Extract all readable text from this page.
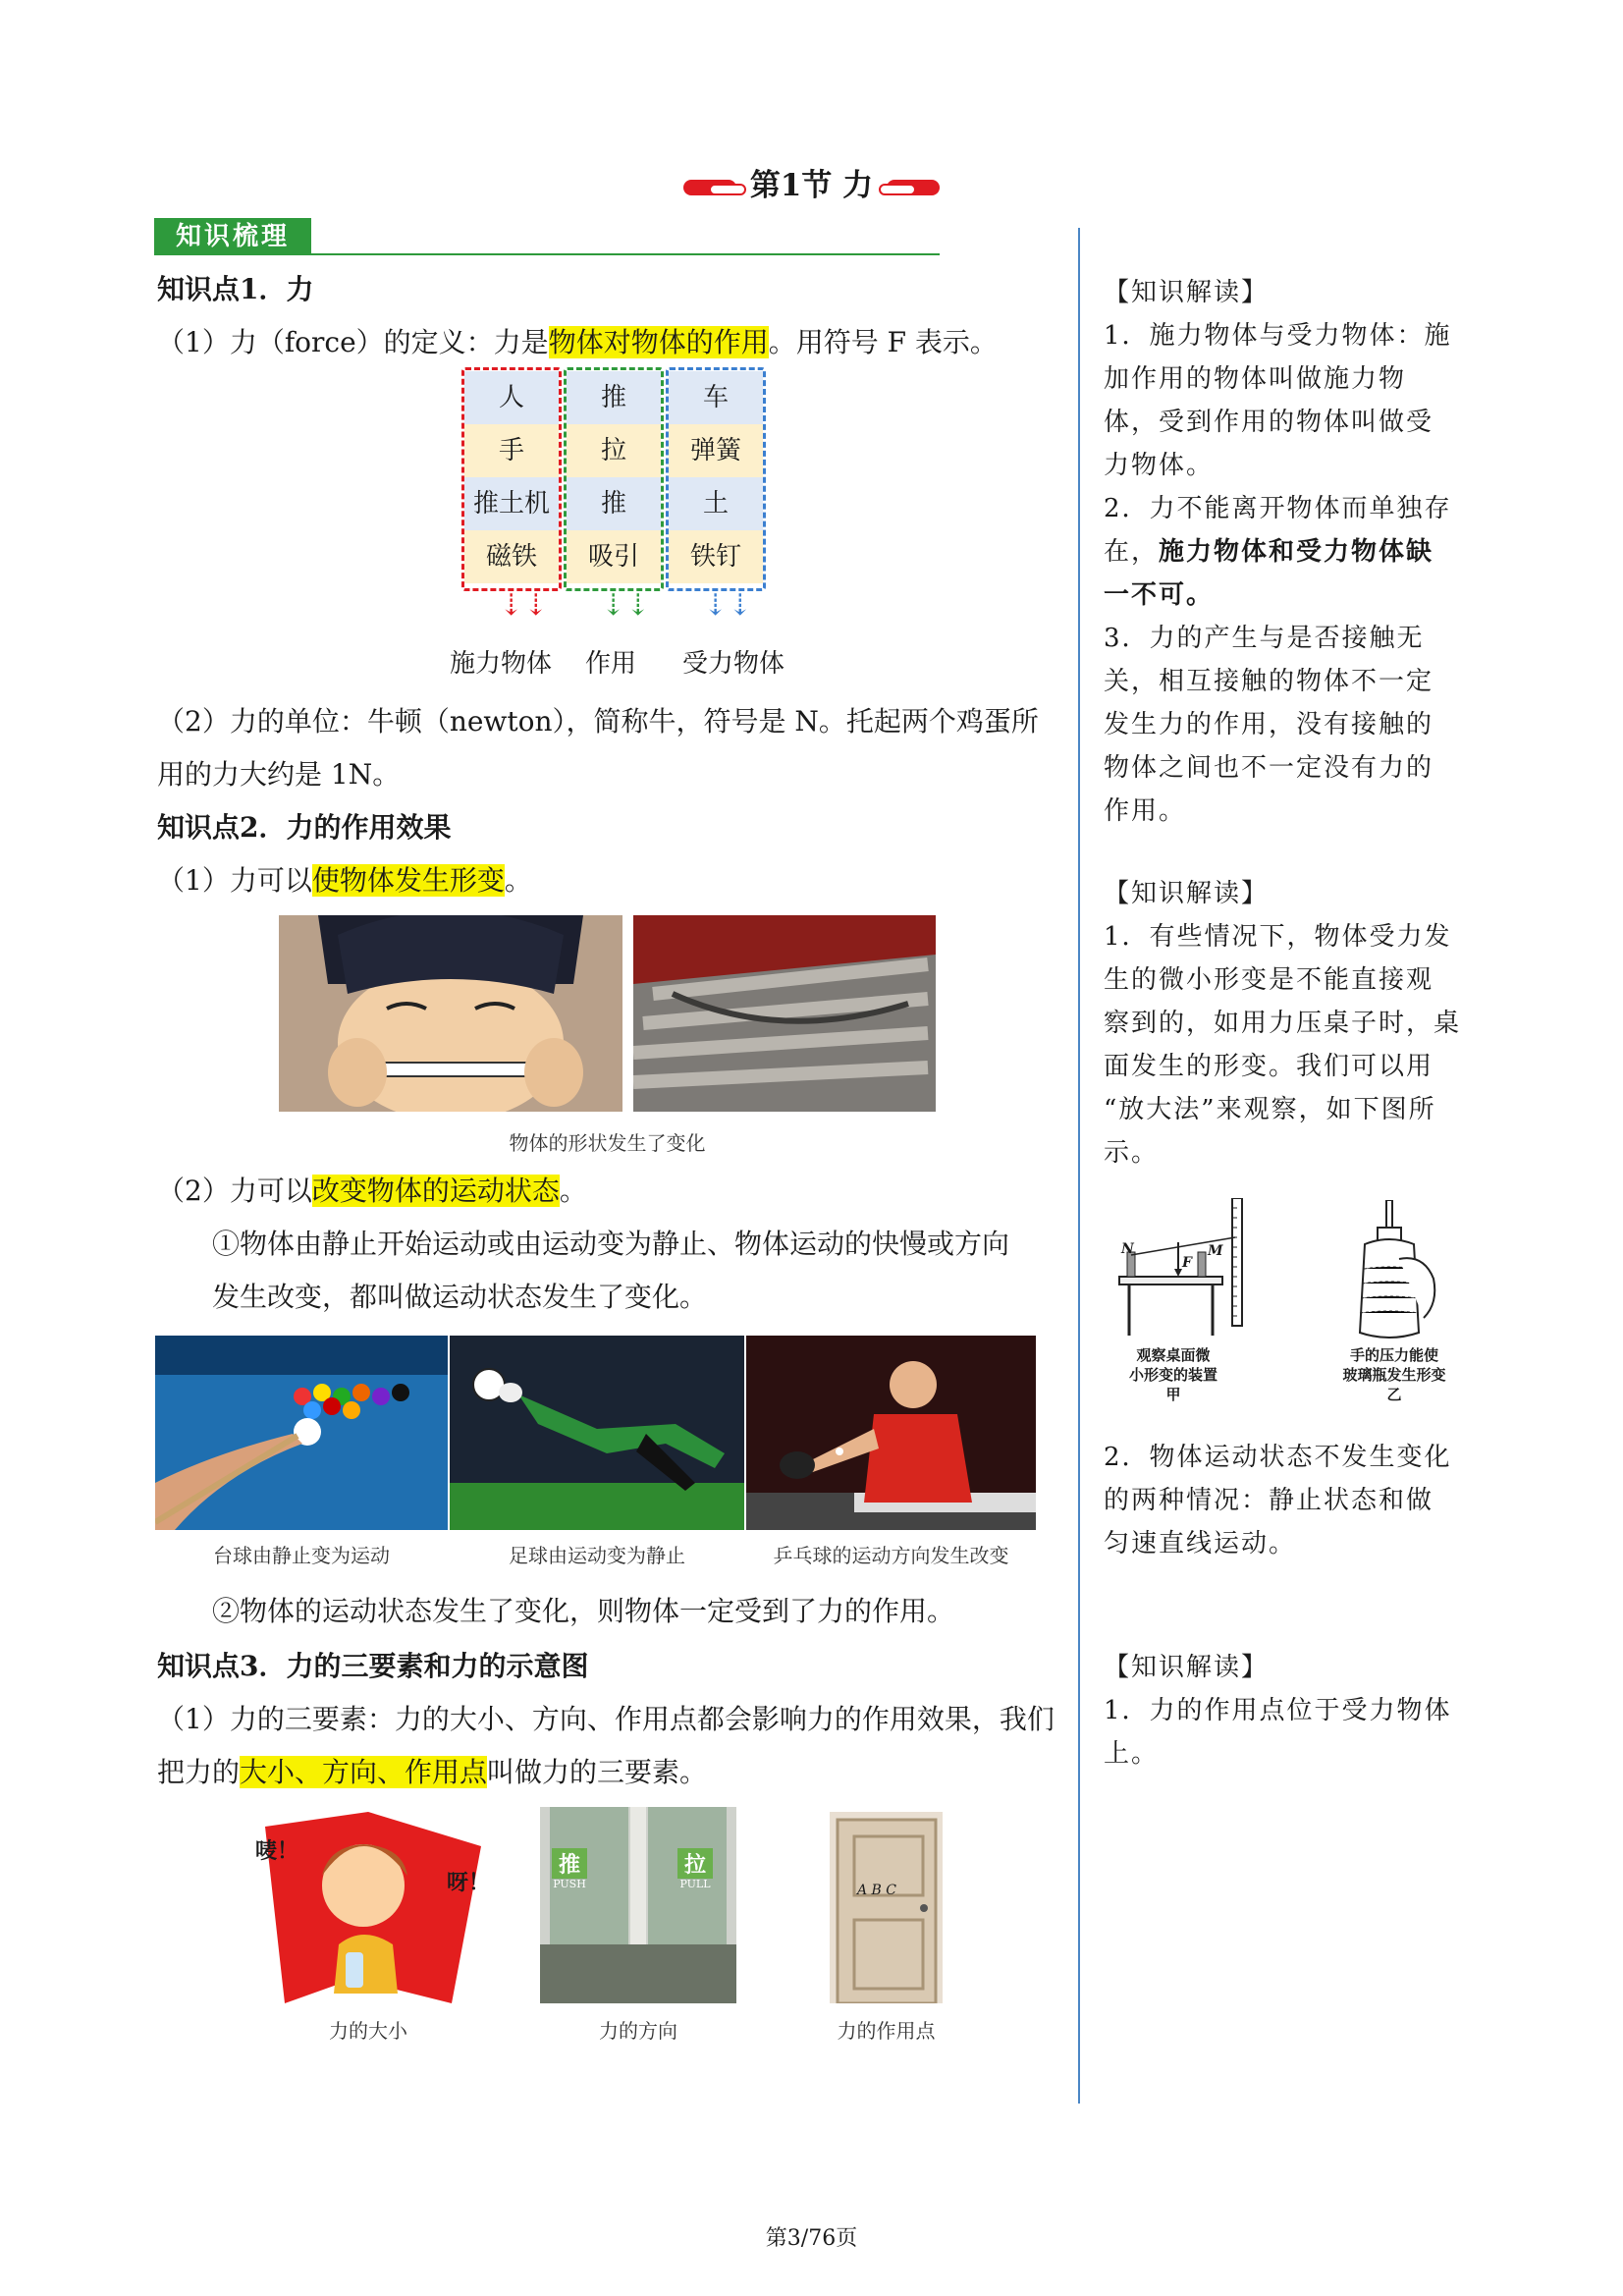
第1节 力
知识梳理
知识点1．力
（1）力（force）的定义：力是物体对物体的作用。用符号 F 表示。
人	推	车
手	拉	弹簧
推土机	推	土
磁铁	吸引	铁钉
⇣⇣ ⇣⇣ ⇣⇣
施力物体	作用	受力物体
（2）力的单位：牛顿（newton），简称牛，符号是 N。托起两个鸡蛋所
用的力大约是 1N。
知识点2．力的作用效果
（1）力可以使物体发生形变。
物体的形状发生了变化
（2）力可以改变物体的运动状态。
①物体由静止开始运动或由运动变为静止、物体运动的快慢或方向
发生改变，都叫做运动状态发生了变化。
台球由静止变为运动	足球由运动变为静止	乒乓球的运动方向发生改变
②物体的运动状态发生了变化，则物体一定受到了力的作用。
知识点3．力的三要素和力的示意图
（1）力的三要素：力的大小、方向、作用点都会影响力的作用效果，我们
把力的大小、方向、作用点叫做力的三要素。
唛！
呀！
推
PUSH
拉
PULL	A B C
力的大小	力的方向	力的作用点
【知识解读】
1．施力物体与受力物体：施
加作用的物体叫做施力物
体，受到作用的物体叫做受
力物体。
2．力不能离开物体而单独存
在，施力物体和受力物体缺
一不可。
3．力的产生与是否接触无
关，相互接触的物体不一定
发生力的作用，没有接触的
物体之间也不一定没有力的
作用。
【知识解读】
1．有些情况下，物体受力发
生的微小形变是不能直接观
察到的，如用力压桌子时，桌
面发生的形变。我们可以用
“放大法”来观察，如下图所
示。
N
F
M
观察桌面微
小形变的装置
甲
手的压力能使
玻璃瓶发生形变
乙
2．物体运动状态不发生变化
的两种情况：静止状态和做
匀速直线运动。
【知识解读】
1．力的作用点位于受力物体
上。
第3/76页
